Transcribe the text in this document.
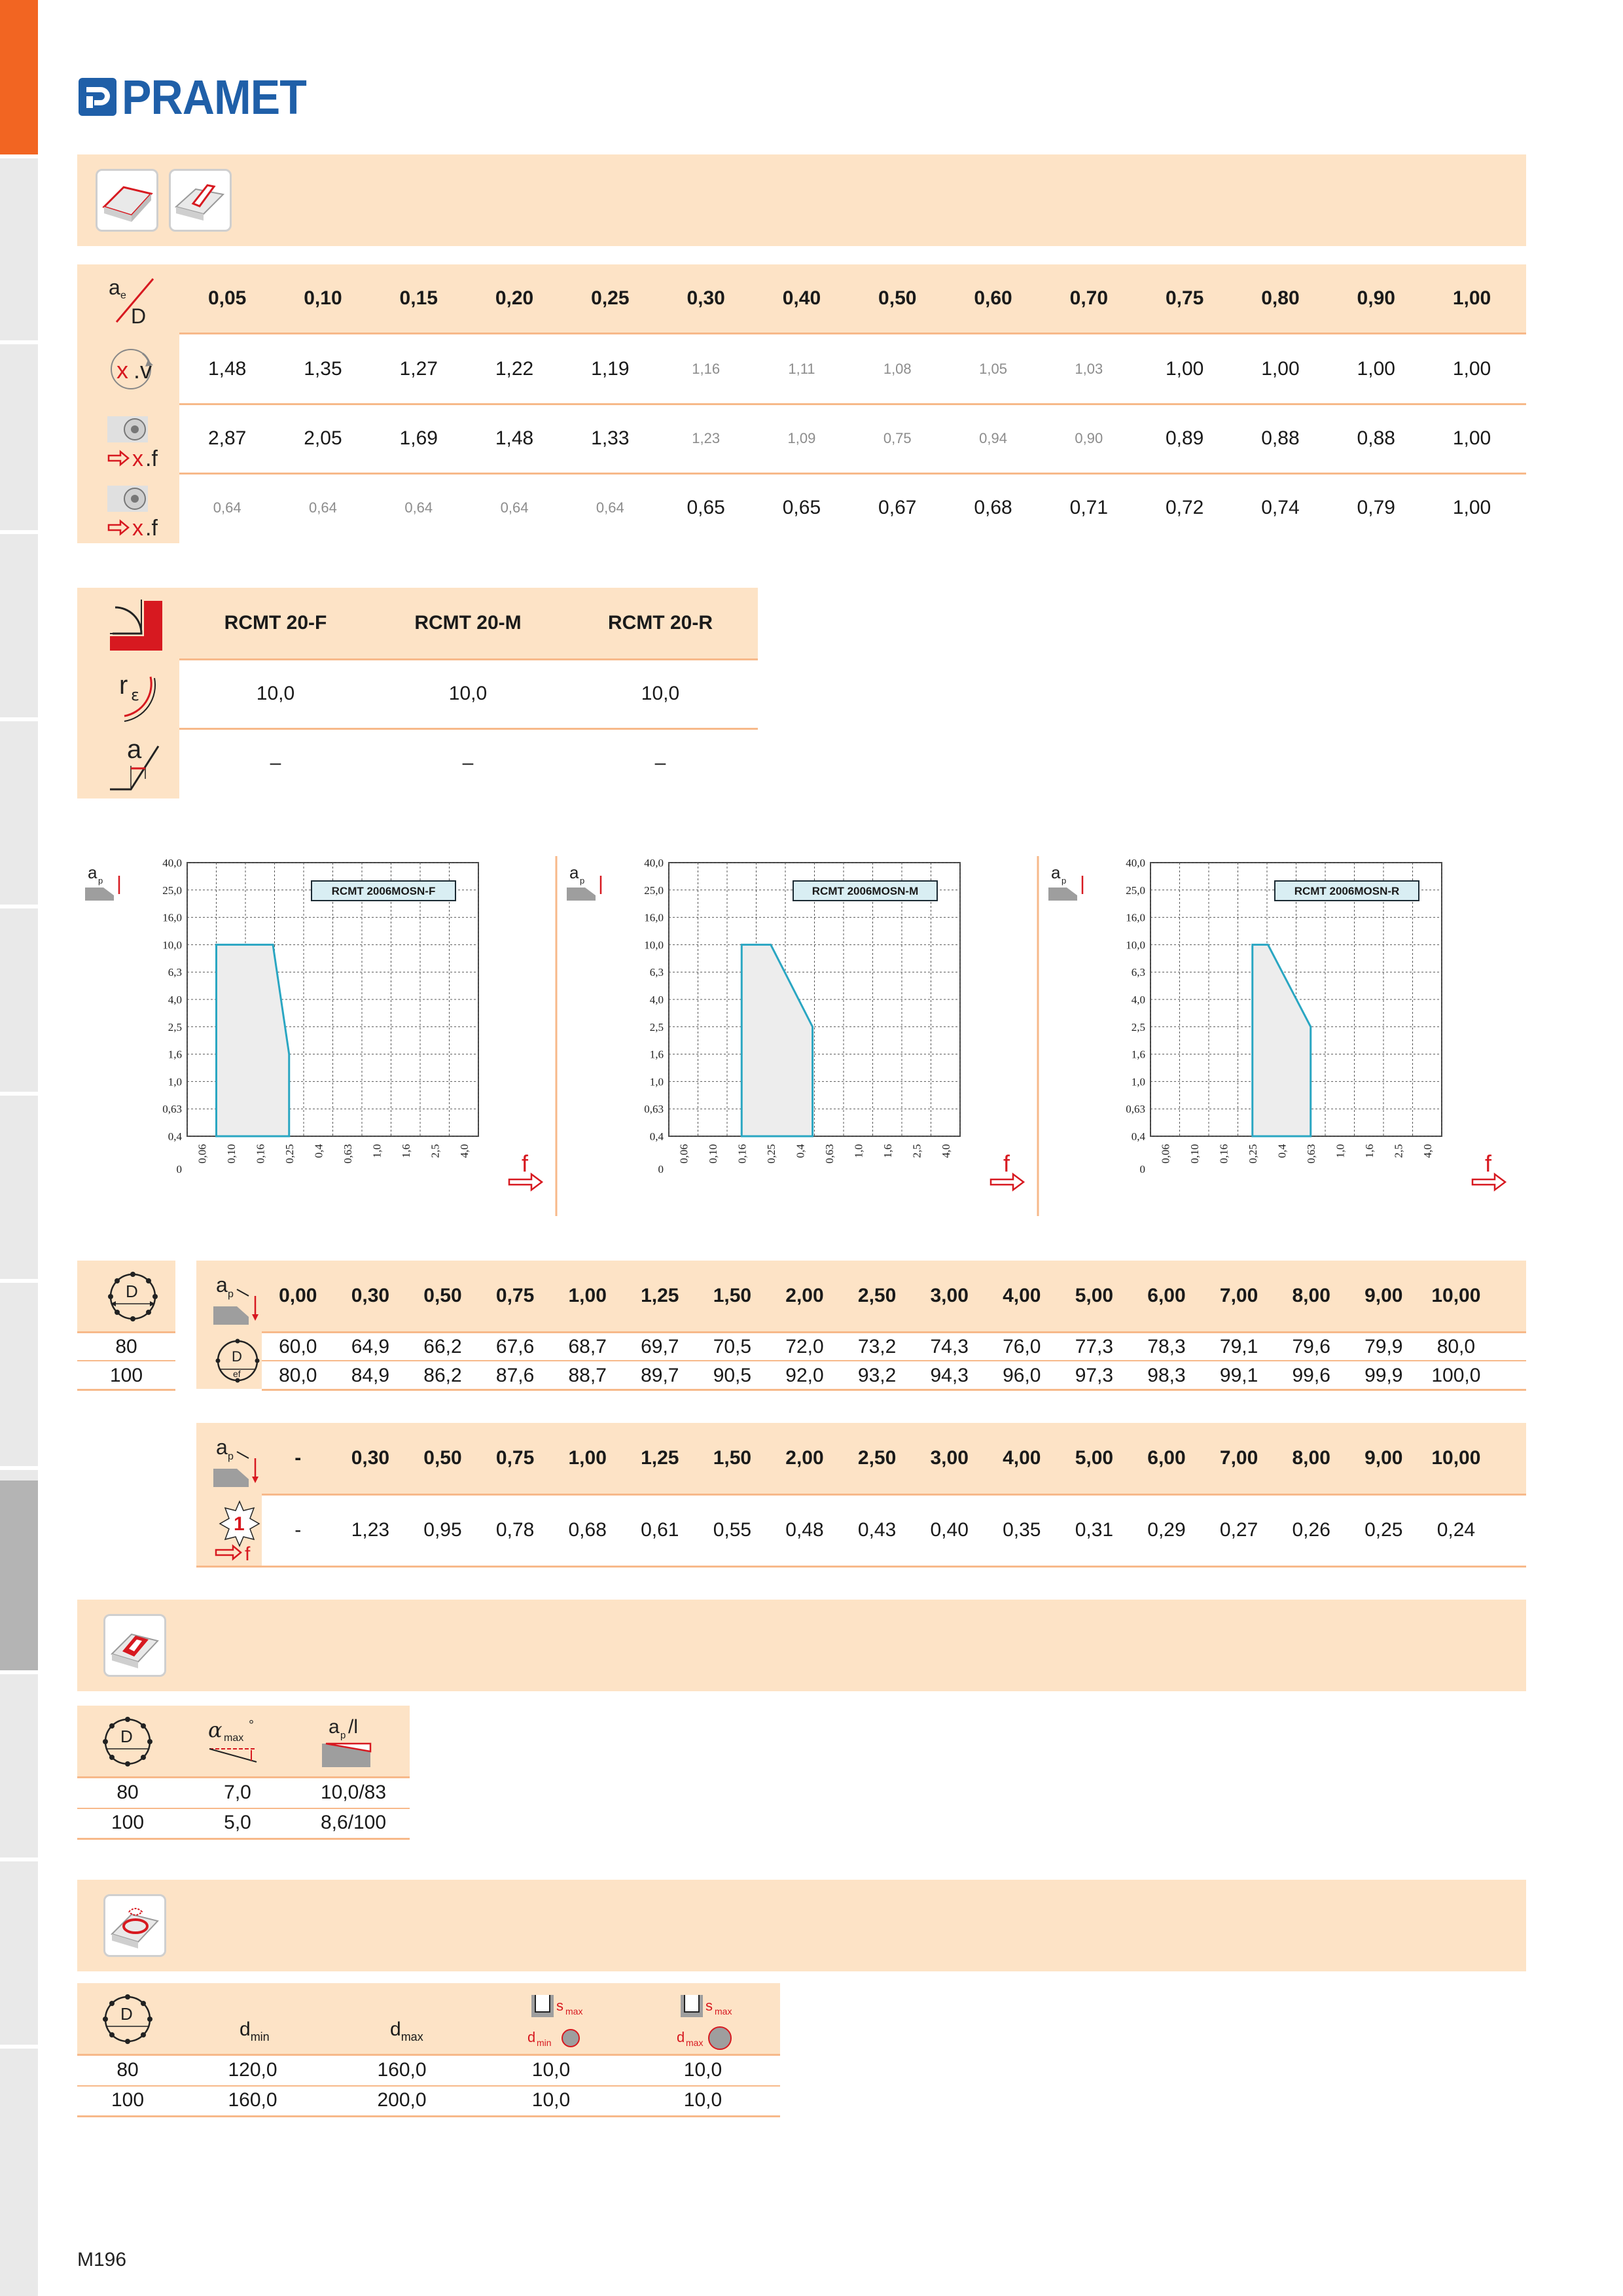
PRAMET
a e
D
x .v
x .f
x .f
0,05	0,10	0,15	0,20	0,25	0,30	0,40	0,50	0,60	0,70	0,75	0,80	0,90	1,00
1,48	1,35	1,27	1,22	1,19	1,16	1,11	1,08	1,05	1,03	1,00	1,00	1,00	1,00
2,87	2,05	1,69	1,48	1,33	1,23	1,09	0,75	0,94	0,90	0,89	0,88	0,88	1,00
0,64	0,64	0,64	0,64	0,64	0,65	0,65	0,67	0,68	0,71	0,72	0,74	0,79	1,00
r ε
a
RCMT 20-F	RCMT 20-M	RCMT 20-R
10,0	10,0	10,0
–	–	–
40,0
25,0
16,0
10,0
6,3
4,0
2,5
1,6
1,0
0,63
0,4
0
0,06 0,10 0,16 0,25 0,4 0,63 1,0 1,6 2,5 4,0
RCMT 2006MOSN-F
a p
f
40,0
25,0
16,0
10,0
6,3
4,0
2,5
1,6
1,0
0,63
0,4
0
0,06 0,10 0,16 0,25 0,4 0,63 1,0 1,6 2,5 4,0
RCMT 2006MOSN-M
a p
f
40,0
25,0
16,0
10,0
6,3
4,0
2,5
1,6
1,0
0,63
0,4
0
0,06 0,10 0,16 0,25 0,4 0,63 1,0 1,6 2,5 4,0
RCMT 2006MOSN-R
a p
f
D	a p
D
ef
a p
1
f
0,00	0,30	0,50	0,75	1,00	1,25	1,50	2,00	2,50	3,00	4,00	5,00	6,00	7,00	8,00	9,00	10,00
80	60,0	64,9	66,2	67,6	68,7	69,7	70,5	72,0	73,2	74,3	76,0	77,3	78,3	79,1	79,6	79,9	80,0
100	80,0	84,9	86,2	87,6	88,7	89,7	90,5	92,0	93,2	94,3	96,0	97,3	98,3	99,1	99,6	99,9	100,0
-	0,30	0,50	0,75	1,00	1,25	1,50	2,00	2,50	3,00	4,00	5,00	6,00	7,00	8,00	9,00	10,00
-	1,23	0,95	0,78	0,68	0,61	0,55	0,48	0,43	0,40	0,35	0,31	0,29	0,27	0,26	0,25	0,24
D	α max
°	a p /l
80	7,0	10,0/83
100	5,0	8,6/100
D
$d_{min}$	$d_{max}$
s max
d min
s max
d max
80	120,0	160,0	10,0	10,0
100	160,0	200,0	10,0	10,0
M196
